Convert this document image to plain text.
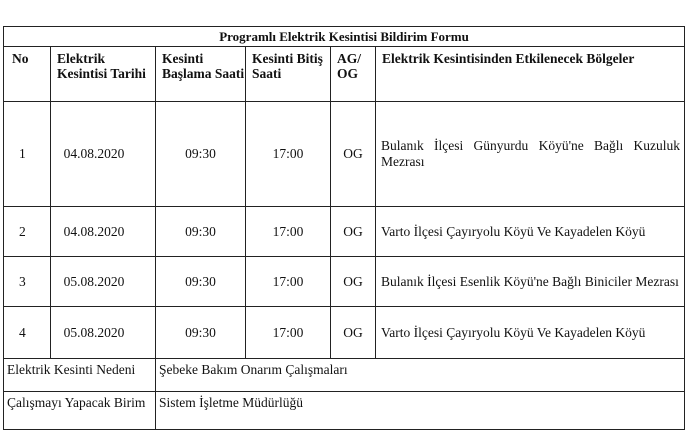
Programlı Elektrik Kesintisi Bildirim Formu					
No	Elektrik Kesintisi Tarihi	Kesinti Başlama Saati	Kesinti Bitiş Saati	AG/ OG	Elektrik Kesintisinden Etkilenecek Bölgeler
1	04.08.2020	09:30	17:00	OG	Bulanık İlçesi Günyurdu Köyü'ne Bağlı Kuzuluk Mezrası
2	04.08.2020	09:30	17:00	OG	Varto İlçesi Çayıryolu Köyü Ve Kayadelen Köyü
3	05.08.2020	09:30	17:00	OG	Bulanık İlçesi Esenlik Köyü'ne Bağlı Biniciler Mezrası
4	05.08.2020	09:30	17:00	OG	Varto İlçesi Çayıryolu Köyü Ve Kayadelen Köyü
Elektrik Kesinti Nedeni		Şebeke Bakım Onarım Çalışmaları			
Çalışmayı Yapacak Birim		Sistem İşletme Müdürlüğü			
